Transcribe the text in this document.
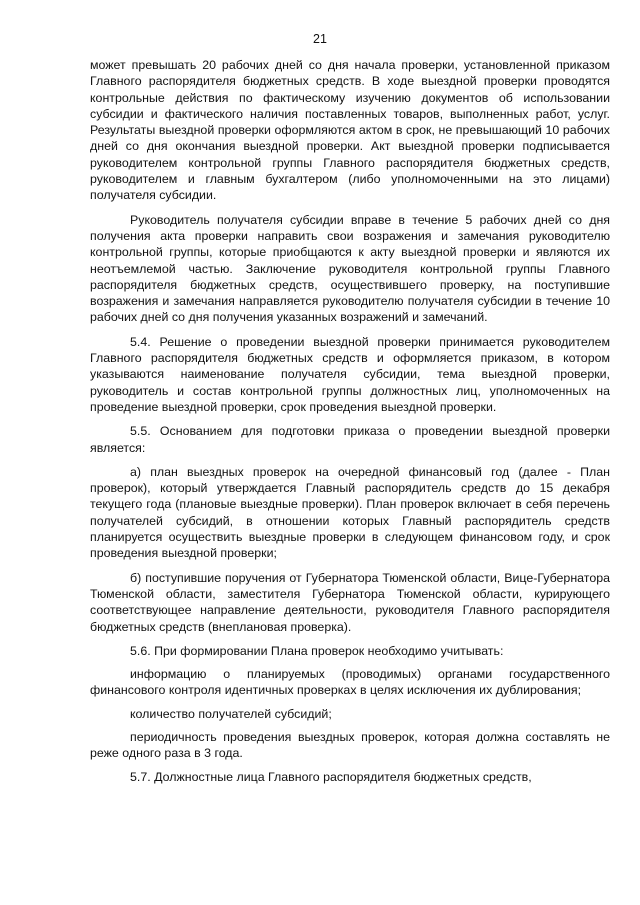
21

может превышать 20 рабочих дней со дня начала проверки, установленной приказом Главного распорядителя бюджетных средств. В ходе выездной проверки проводятся контрольные действия по фактическому изучению документов об использовании субсидии и фактического наличия поставленных товаров, выполненных работ, услуг. Результаты выездной проверки оформляются актом в срок, не превышающий 10 рабочих дней со дня окончания выездной проверки. Акт выездной проверки подписывается руководителем контрольной группы Главного распорядителя бюджетных средств, руководителем и главным бухгалтером (либо уполномоченными на это лицами) получателя субсидии.

Руководитель получателя субсидии вправе в течение 5 рабочих дней со дня получения акта проверки направить свои возражения и замечания руководителю контрольной группы, которые приобщаются к акту выездной проверки и являются их неотъемлемой частью. Заключение руководителя контрольной группы Главного распорядителя бюджетных средств, осуществившего проверку, на поступившие возражения и замечания направляется руководителю получателя субсидии в течение 10 рабочих дней со дня получения указанных возражений и замечаний.

5.4. Решение о проведении выездной проверки принимается руководителем Главного распорядителя бюджетных средств и оформляется приказом, в котором указываются наименование получателя субсидии, тема выездной проверки, руководитель и состав контрольной группы должностных лиц, уполномоченных на проведение выездной проверки, срок проведения выездной проверки.

5.5. Основанием для подготовки приказа о проведении выездной проверки является:

а) план выездных проверок на очередной финансовый год (далее - План проверок), который утверждается Главный распорядитель средств до 15 декабря текущего года (плановые выездные проверки). План проверок включает в себя перечень получателей субсидий, в отношении которых Главный распорядитель средств планируется осуществить выездные проверки в следующем финансовом году, и срок проведения выездной проверки;

б) поступившие поручения от Губернатора Тюменской области, Вице-Губернатора Тюменской области, заместителя Губернатора Тюменской области, курирующего соответствующее направление деятельности, руководителя Главного распорядителя бюджетных средств (внеплановая проверка).

5.6. При формировании Плана проверок необходимо учитывать:

информацию о планируемых (проводимых) органами государственного финансового контроля идентичных проверках в целях исключения их дублирования;

количество получателей субсидий;

периодичность проведения выездных проверок, которая должна составлять не реже одного раза в 3 года.

5.7. Должностные лица Главного распорядителя бюджетных средств,
